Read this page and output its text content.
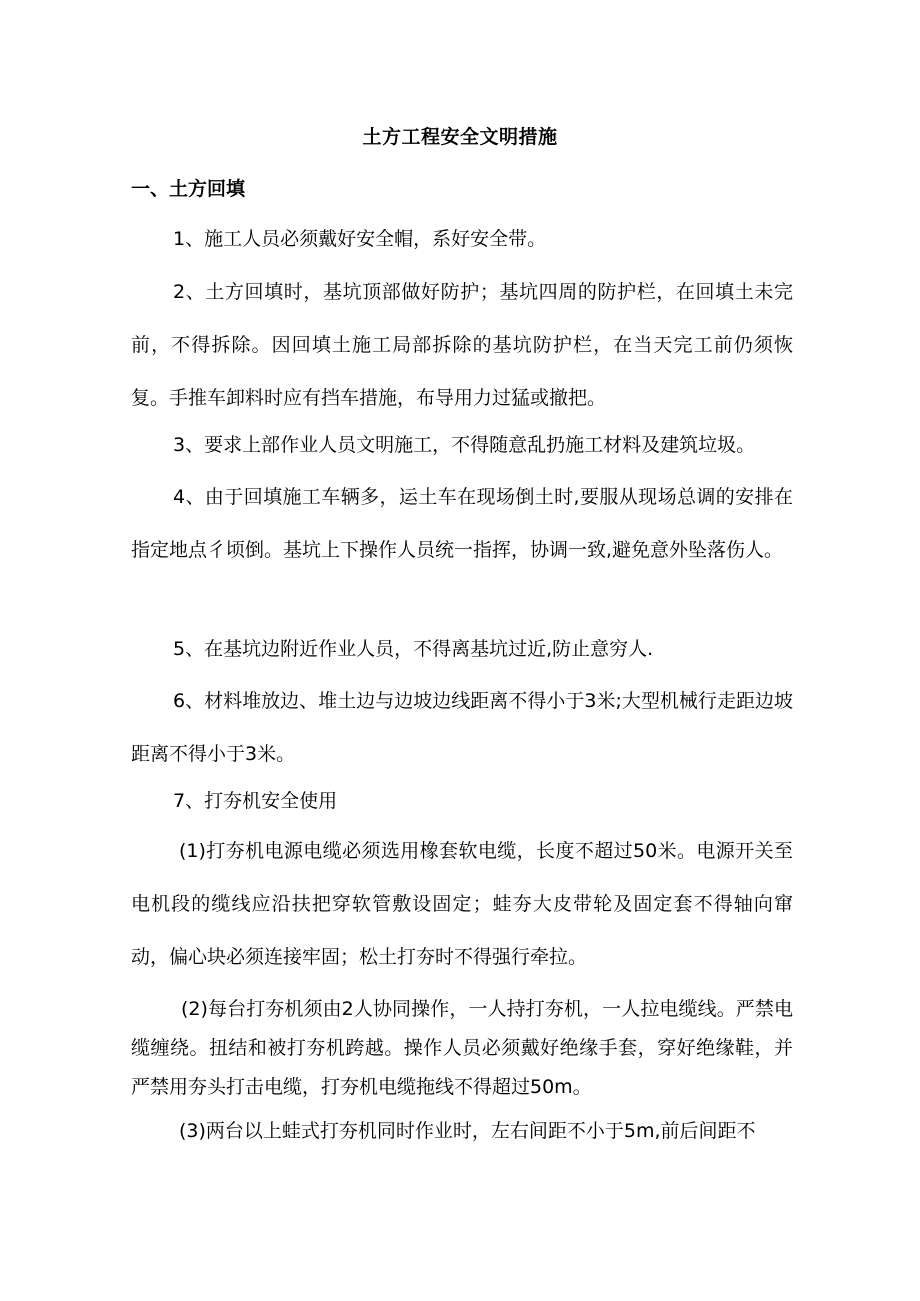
土方工程安全文明措施
一、土方回填

1、施工人员必须戴好安全帽，系好安全带。

2、土方回填时，基坑顶部做好防护；基坑四周的防护栏，在回填土未完前，不得拆除。因回填土施工局部拆除的基坑防护栏，在当天完工前仍须恢复。手推车卸料时应有挡车措施，布导用力过猛或撤把。

3、要求上部作业人员文明施工，不得随意乱扔施工材料及建筑垃圾。

4、由于回填施工车辆多，运土车在现场倒土时,要服从现场总调的安排在指定地点彳顷倒。基坑上下操作人员统一指挥，协调一致,避免意外坠落伤人。

5、在基坑边附近作业人员，不得离基坑过近,防止意穷人.

6、材料堆放边、堆土边与边坡边线距离不得小于3米;大型机械行走距边坡距离不得小于3米。

7、打夯机安全使用

(1)打夯机电源电缆必须选用橡套软电缆，长度不超过50米。电源开关至电机段的缆线应沿扶把穿软管敷设固定；蛙夯大皮带轮及固定套不得轴向窜动，偏心块必须连接牢固；松土打夯时不得强行牵拉。

(2)每台打夯机须由2人协同操作，一人持打夯机，一人拉电缆线。严禁电缆缠绕。扭结和被打夯机跨越。操作人员必须戴好绝缘手套，穿好绝缘鞋，并严禁用夯头打击电缆，打夯机电缆拖线不得超过50m。

(3)两台以上蛙式打夯机同时作业时，左右间距不小于5m,前后间距不
